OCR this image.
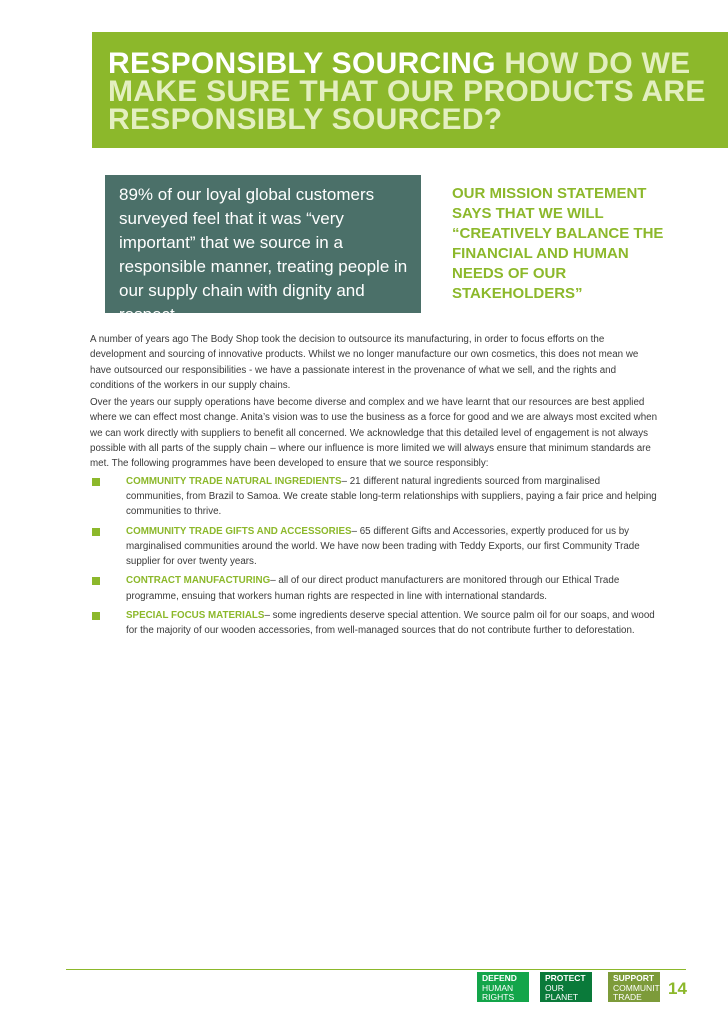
RESPONSIBLY SOURCING HOW DO WE MAKE SURE THAT OUR PRODUCTS ARE RESPONSIBLY SOURCED?
89% of our loyal global customers surveyed feel that it was “very important” that we source in a responsible manner, treating people in our supply chain with dignity and respect.
OUR MISSION STATEMENT SAYS THAT WE WILL “CREATIVELY BALANCE THE FINANCIAL AND HUMAN NEEDS OF OUR STAKEHOLDERS”

A number of years ago The Body Shop took the decision to outsource its manufacturing, in order to focus efforts on the development and sourcing of innovative products. Whilst we no longer manufacture our own cosmetics, this does not mean we have outsourced our responsibilities - we have a passionate interest in the provenance of what we sell, and the rights and conditions of the workers in our supply chains.

Over the years our supply operations have become diverse and complex and we have learnt that our resources are best applied where we can effect most change. Anita’s vision was to use the business as a force for good and we are always most excited when we can work directly with suppliers to benefit all concerned. We acknowledge that this detailed level of engagement is not always possible with all parts of the supply chain – where our influence is more limited we will always ensure that minimum standards are met. The following programmes have been developed to ensure that we source responsibly:

COMMUNITY TRADE NATURAL INGREDIENTS– 21 different natural ingredients sourced from marginalised communities, from Brazil to Samoa. We create stable long-term relationships with suppliers, paying a fair price and helping communities to thrive.
COMMUNITY TRADE GIFTS AND ACCESSORIES– 65 different Gifts and Accessories, expertly produced for us by marginalised communities around the world. We have now been trading with Teddy Exports, our first Community Trade supplier for over twenty years.
CONTRACT MANUFACTURING– all of our direct product manufacturers are monitored through our Ethical Trade programme, ensuing that workers human rights are respected in line with international standards.
SPECIAL FOCUS MATERIALS– some ingredients deserve special attention. We source palm oil for our soaps, and wood for the majority of our wooden accessories, from well-managed sources that do not contribute further to deforestation.
DEFEND
HUMAN RIGHTS
PROTECT
OUR PLANET
SUPPORT
COMMUNITY TRADE	14
